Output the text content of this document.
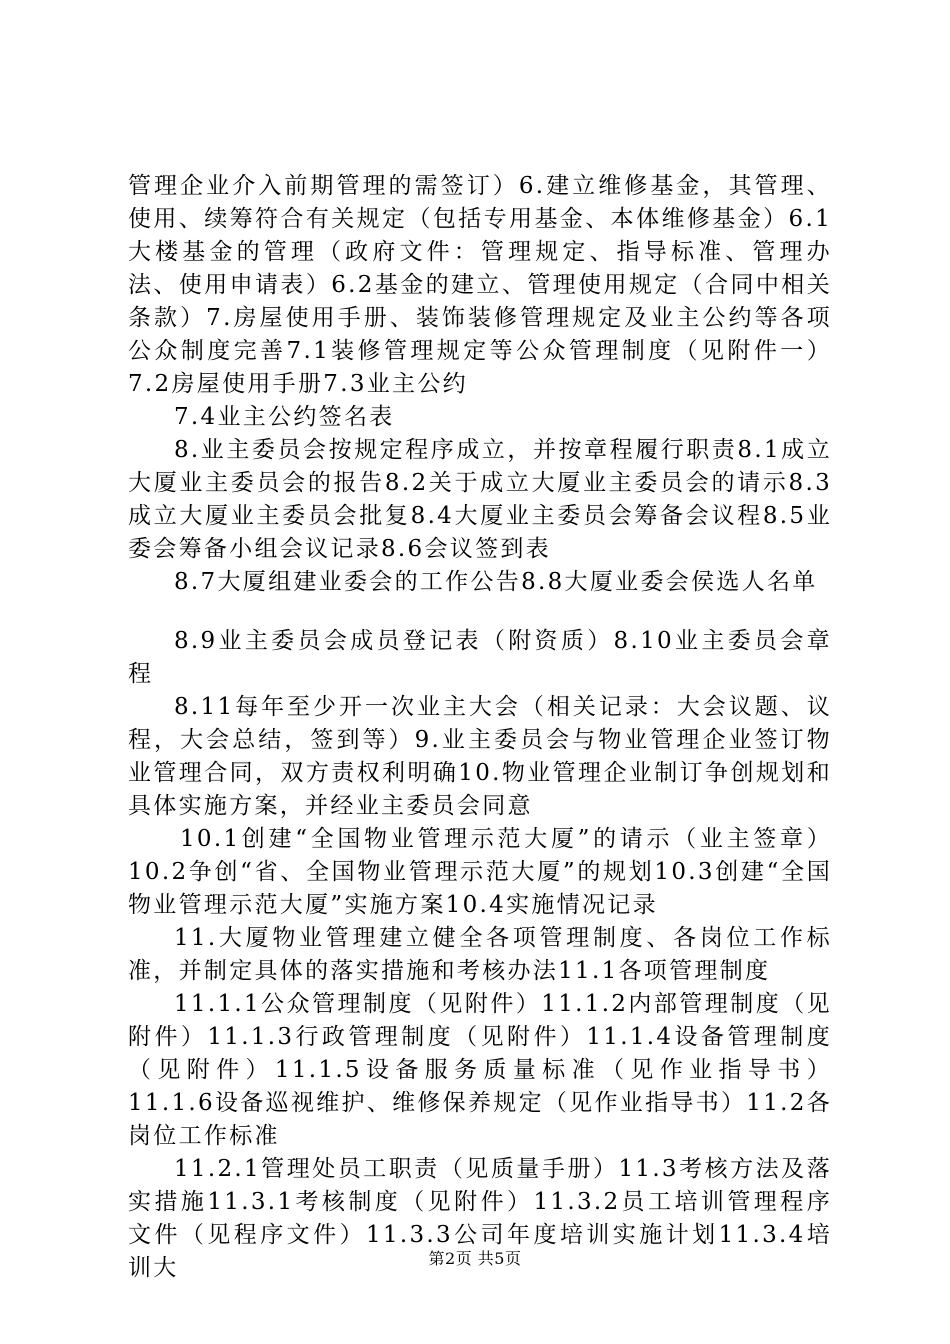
管理企业介入前期管理的需签订）6.建立维修基金，其管理、使用、续筹符合有关规定（包括专用基金、本体维修基金）6.1大楼基金的管理（政府文件：管理规定、指导标准、管理办法、使用申请表）6.2基金的建立、管理使用规定（合同中相关条款）7.房屋使用手册、装饰装修管理规定及业主公约等各项公众制度完善7.1装修管理规定等公众管理制度（见附件一）7.2房屋使用手册7.3业主公约

7.4业主公约签名表

8.业主委员会按规定程序成立，并按章程履行职责8.1成立大厦业主委员会的报告8.2关于成立大厦业主委员会的请示8.3成立大厦业主委员会批复8.4大厦业主委员会筹备会议程8.5业委会筹备小组会议记录8.6会议签到表

8.7大厦组建业委会的工作公告8.8大厦业委会侯选人名单

8.9业主委员会成员登记表（附资质）8.10业主委员会章程

8.11每年至少开一次业主大会（相关记录：大会议题、议程，大会总结，签到等）9.业主委员会与物业管理企业签订物业管理合同，双方责权利明确10.物业管理企业制订争创规划和具体实施方案，并经业主委员会同意

10.1创建“全国物业管理示范大厦”的请示（业主签章）10.2争创“省、全国物业管理示范大厦”的规划10.3创建“全国物业管理示范大厦”实施方案10.4实施情况记录

11.大厦物业管理建立健全各项管理制度、各岗位工作标准，并制定具体的落实措施和考核办法11.1各项管理制度

11.1.1公众管理制度（见附件）11.1.2内部管理制度（见附件）11.1.3行政管理制度（见附件）11.1.4设备管理制度（见附件）11.1.5设备服务质量标准（见作业指导书）11.1.6设备巡视维护、维修保养规定（见作业指导书）11.2各岗位工作标准

11.2.1管理处员工职责（见质量手册）11.3考核方法及落实措施11.3.1考核制度（见附件）11.3.2员工培训管理程序文件（见程序文件）11.3.3公司年度培训实施计划11.3.4培训大	第2页 共5页
